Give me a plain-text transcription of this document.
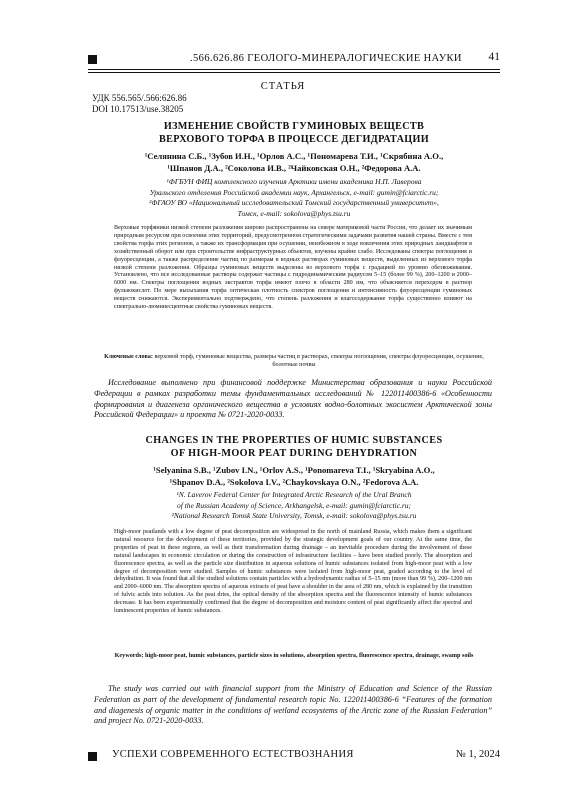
.566.626.86 ГЕОЛОГО-МИНЕРАЛОГИЧЕСКИЕ НАУКИ 41
СТАТЬЯ
УДК 556.565/.566:626.86
DOI 10.17513/use.38205
ИЗМЕНЕНИЕ СВОЙСТВ ГУМИНОВЫХ ВЕЩЕСТВ
ВЕРХОВОГО ТОРФА В ПРОЦЕССЕ ДЕГИДРАТАЦИИ
¹Селянина С.Б., ¹Зубов И.Н., ¹Орлов А.С., ¹Пономарева Т.И., ¹Скрябина А.О.,
¹Шпанов Д.А., ²Соколова И.В., ²Чайковская О.Н., ²Федорова А.А.
¹ФГБУН ФИЦ комплексного изучения Арктики имени академика Н.П. Лаверова
Уральского отделения Российской академии наук, Архангельск, e-mail: gumin@fciarctic.ru;
²ФГАОУ ВО «Национальный исследовательский Томский государственный университет»,
Томск, e-mail: sokolova@phys.tsu.ru
Верховые торфяники низкой степени разложения широко распространены на севере материковой части России, что делает их значимым природным ресурсом при освоении этих территорий, предусмотренном стратегическими задачами развития нашей страны. Вместе с тем свойства торфа этих регионов, а также их трансформация при осушении, неизбежном в ходе вовлечения этих природных ландшафтов в хозяйственный оборот или при строительстве инфраструктурных объектов, изучены крайне слабо. Исследованы спектры поглощения и флуоресценции, а также распределение частиц по размерам в водных растворах гуминовых веществ, выделенных из верхового торфа низкой степени разложения. Образцы гуминовых веществ выделены из верхового торфа с градацией по уровню обезвоживания. Установлено, что все исследованные растворы содержат частицы с гидродинамическим радиусом 5–15 (более 99 %), 200–1200 и 2000–6000 нм. Спектры поглощения водных экстрактов торфа имеют плечо в области 280 нм, что объясняется переходом в раствор фульвокислот. По мере высыхания торфа оптическая плотность спектров поглощения и интенсивность флуоресценции гуминовых веществ снижаются. Экспериментально подтверждено, что степень разложения и влагосодержание торфа существенно влияют на спектрально-люминесцентные свойства гуминовых веществ.
Ключевые слова: верховой торф, гуминовые вещества, размеры частиц в растворах, спектры поглощения, спектры флуоресценции, осушение, болотные почвы
Исследование выполнено при финансовой поддержке Министерства образования и науки Российской Федерации в рамках разработки темы фундаментальных исследований № 122011400386-6 «Особенности формирования и диагенеза органического вещества в условиях водно-болотных экосистем Арктической зоны Российской Федерации» и проекта № 0721-2020-0033.
CHANGES IN THE PROPERTIES OF HUMIC SUBSTANCES
OF HIGH-MOOR PEAT DURING DEHYDRATION
¹Selyanina S.B., ¹Zubov I.N., ¹Orlov A.S., ¹Ponomareva T.I., ¹Skryabina A.O.,
¹Shpanov D.A., ²Sokolova I.V., ²Chaykovskaya O.N., ²Fedorova A.A.
¹N. Laverov Federal Center for Integrated Arctic Research of the Ural Branch
of the Russian Academy of Science, Arkhangelsk, e-mail: gumin@fciarctic.ru;
²National Research Tomsk State University, Tomsk, e-mail: sokolova@phys.tsu.ru
High-moor peatlands with a low degree of peat decomposition are widespread in the north of mainland Russia, which makes them a significant natural resource for the development of these territories, provided by the strategic development goals of our country. At the same time, the properties of peat in these regions, as well as their transformation during drainage – an inevitable procedure during the involvement of these natural landscapes in economic circulation or during the construction of infrastructure facilities – have been studied poorly. The absorption and fluorescence spectra, as well as the particle size distribution in aqueous solutions of humic substances isolated from high-moor peat with a low degree of decomposition were studied. Samples of humic substances were isolated from high-moor peat, graded according to the level of dehydration. It was found that all the studied solutions contain particles with a hydrodynamic radius of 5–15 nm (more than 99 %), 200–1200 nm and 2000–6000 nm. The absorption spectra of aqueous extracts of peat have a shoulder in the area of 280 nm, which is explained by the transition of fulvic acids into solution. As the peat dries, the optical density of the absorption spectra and the fluorescence intensity of humic substances decrease. It has been experimentally confirmed that the degree of decomposition and moisture content of peat significantly affect the spectral and luminescent properties of humic substances.
Keywords: high-moor peat, humic substances, particle sizes in solutions, absorption spectra, fluorescence spectra, drainage, swamp soils
The study was carried out with financial support from the Ministry of Education and Science of the Russian Federation as part of the development of fundamental research topic No. 122011400386-6 “Features of the formation and diagenesis of organic matter in the conditions of wetland ecosystems of the Arctic zone of the Russian Federation” and project No. 0721-2020-0033.
УСПЕХИ СОВРЕМЕННОГО ЕСТЕСТВОЗНАНИЯ	№ 1, 2024
